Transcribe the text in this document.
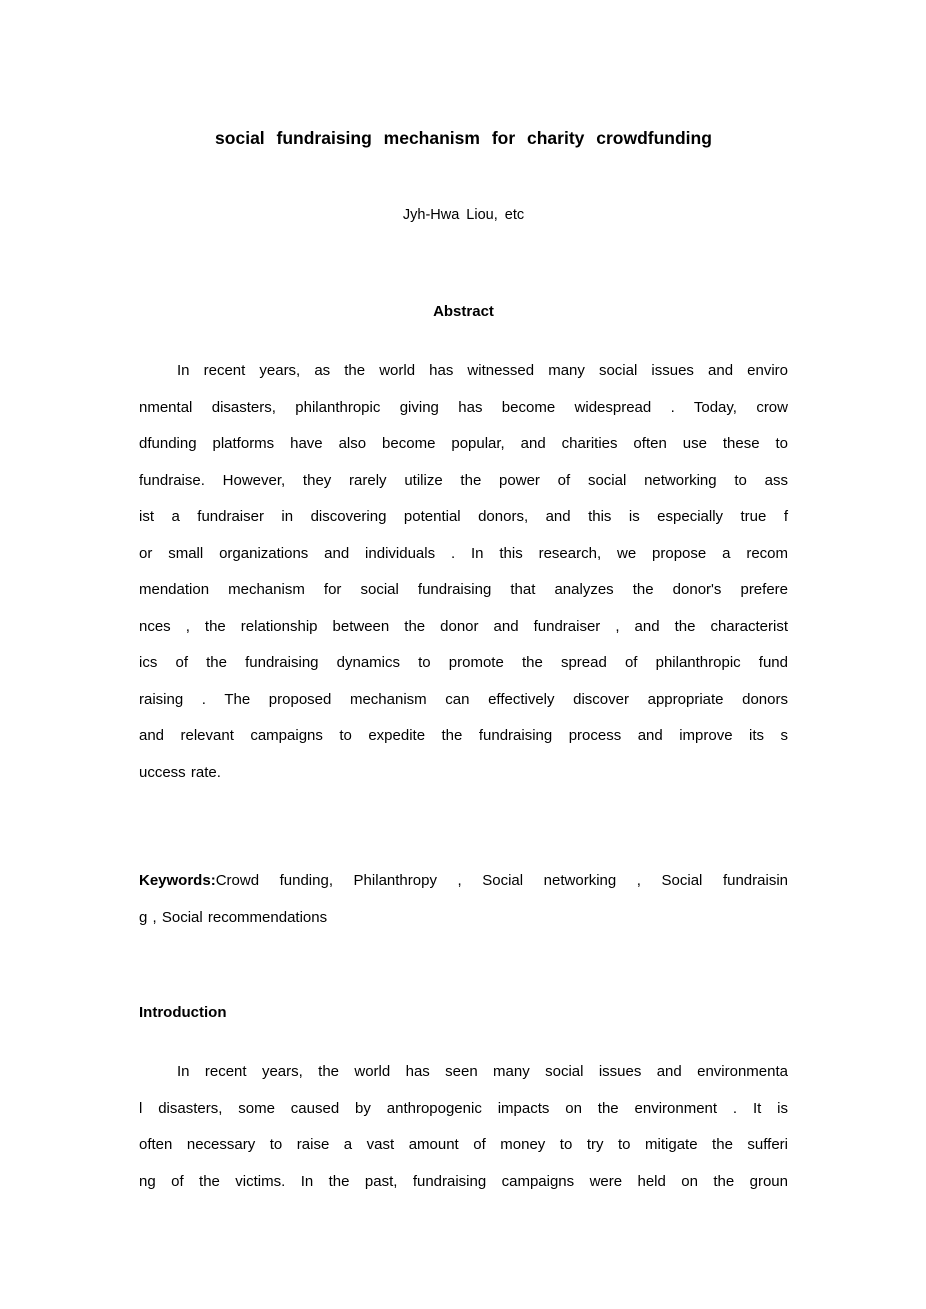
social fundraising mechanism for charity crowdfunding
Jyh-Hwa Liou, etc
Abstract
In recent years, as the world has witnessed many social issues and enviro
nmental disasters, philanthropic giving has become widespread . Today, crow
dfunding platforms have also become popular, and charities often use these to
fundraise. However, they rarely utilize the power of social networking to ass
ist a fundraiser in discovering potential donors, and this is especially true f
or small organizations and individuals . In this research, we propose a recom
mendation mechanism for social fundraising that analyzes the donor's prefere
nces , the relationship between the donor and fundraiser , and the characterist
ics of the fundraising dynamics to promote the spread of philanthropic fund
raising . The proposed mechanism can effectively discover appropriate donors
and relevant campaigns to expedite the fundraising process and improve its s
uccess rate.
Keywords:Crowd funding, Philanthropy , Social networking , Social fundraisin
g , Social recommendations
Introduction
In recent years, the world has seen many social issues and environmenta
l disasters, some caused by anthropogenic impacts on the environment . It is
often necessary to raise a vast amount of money to try to mitigate the sufferi
ng of the victims. In the past, fundraising campaigns were held on the groun
